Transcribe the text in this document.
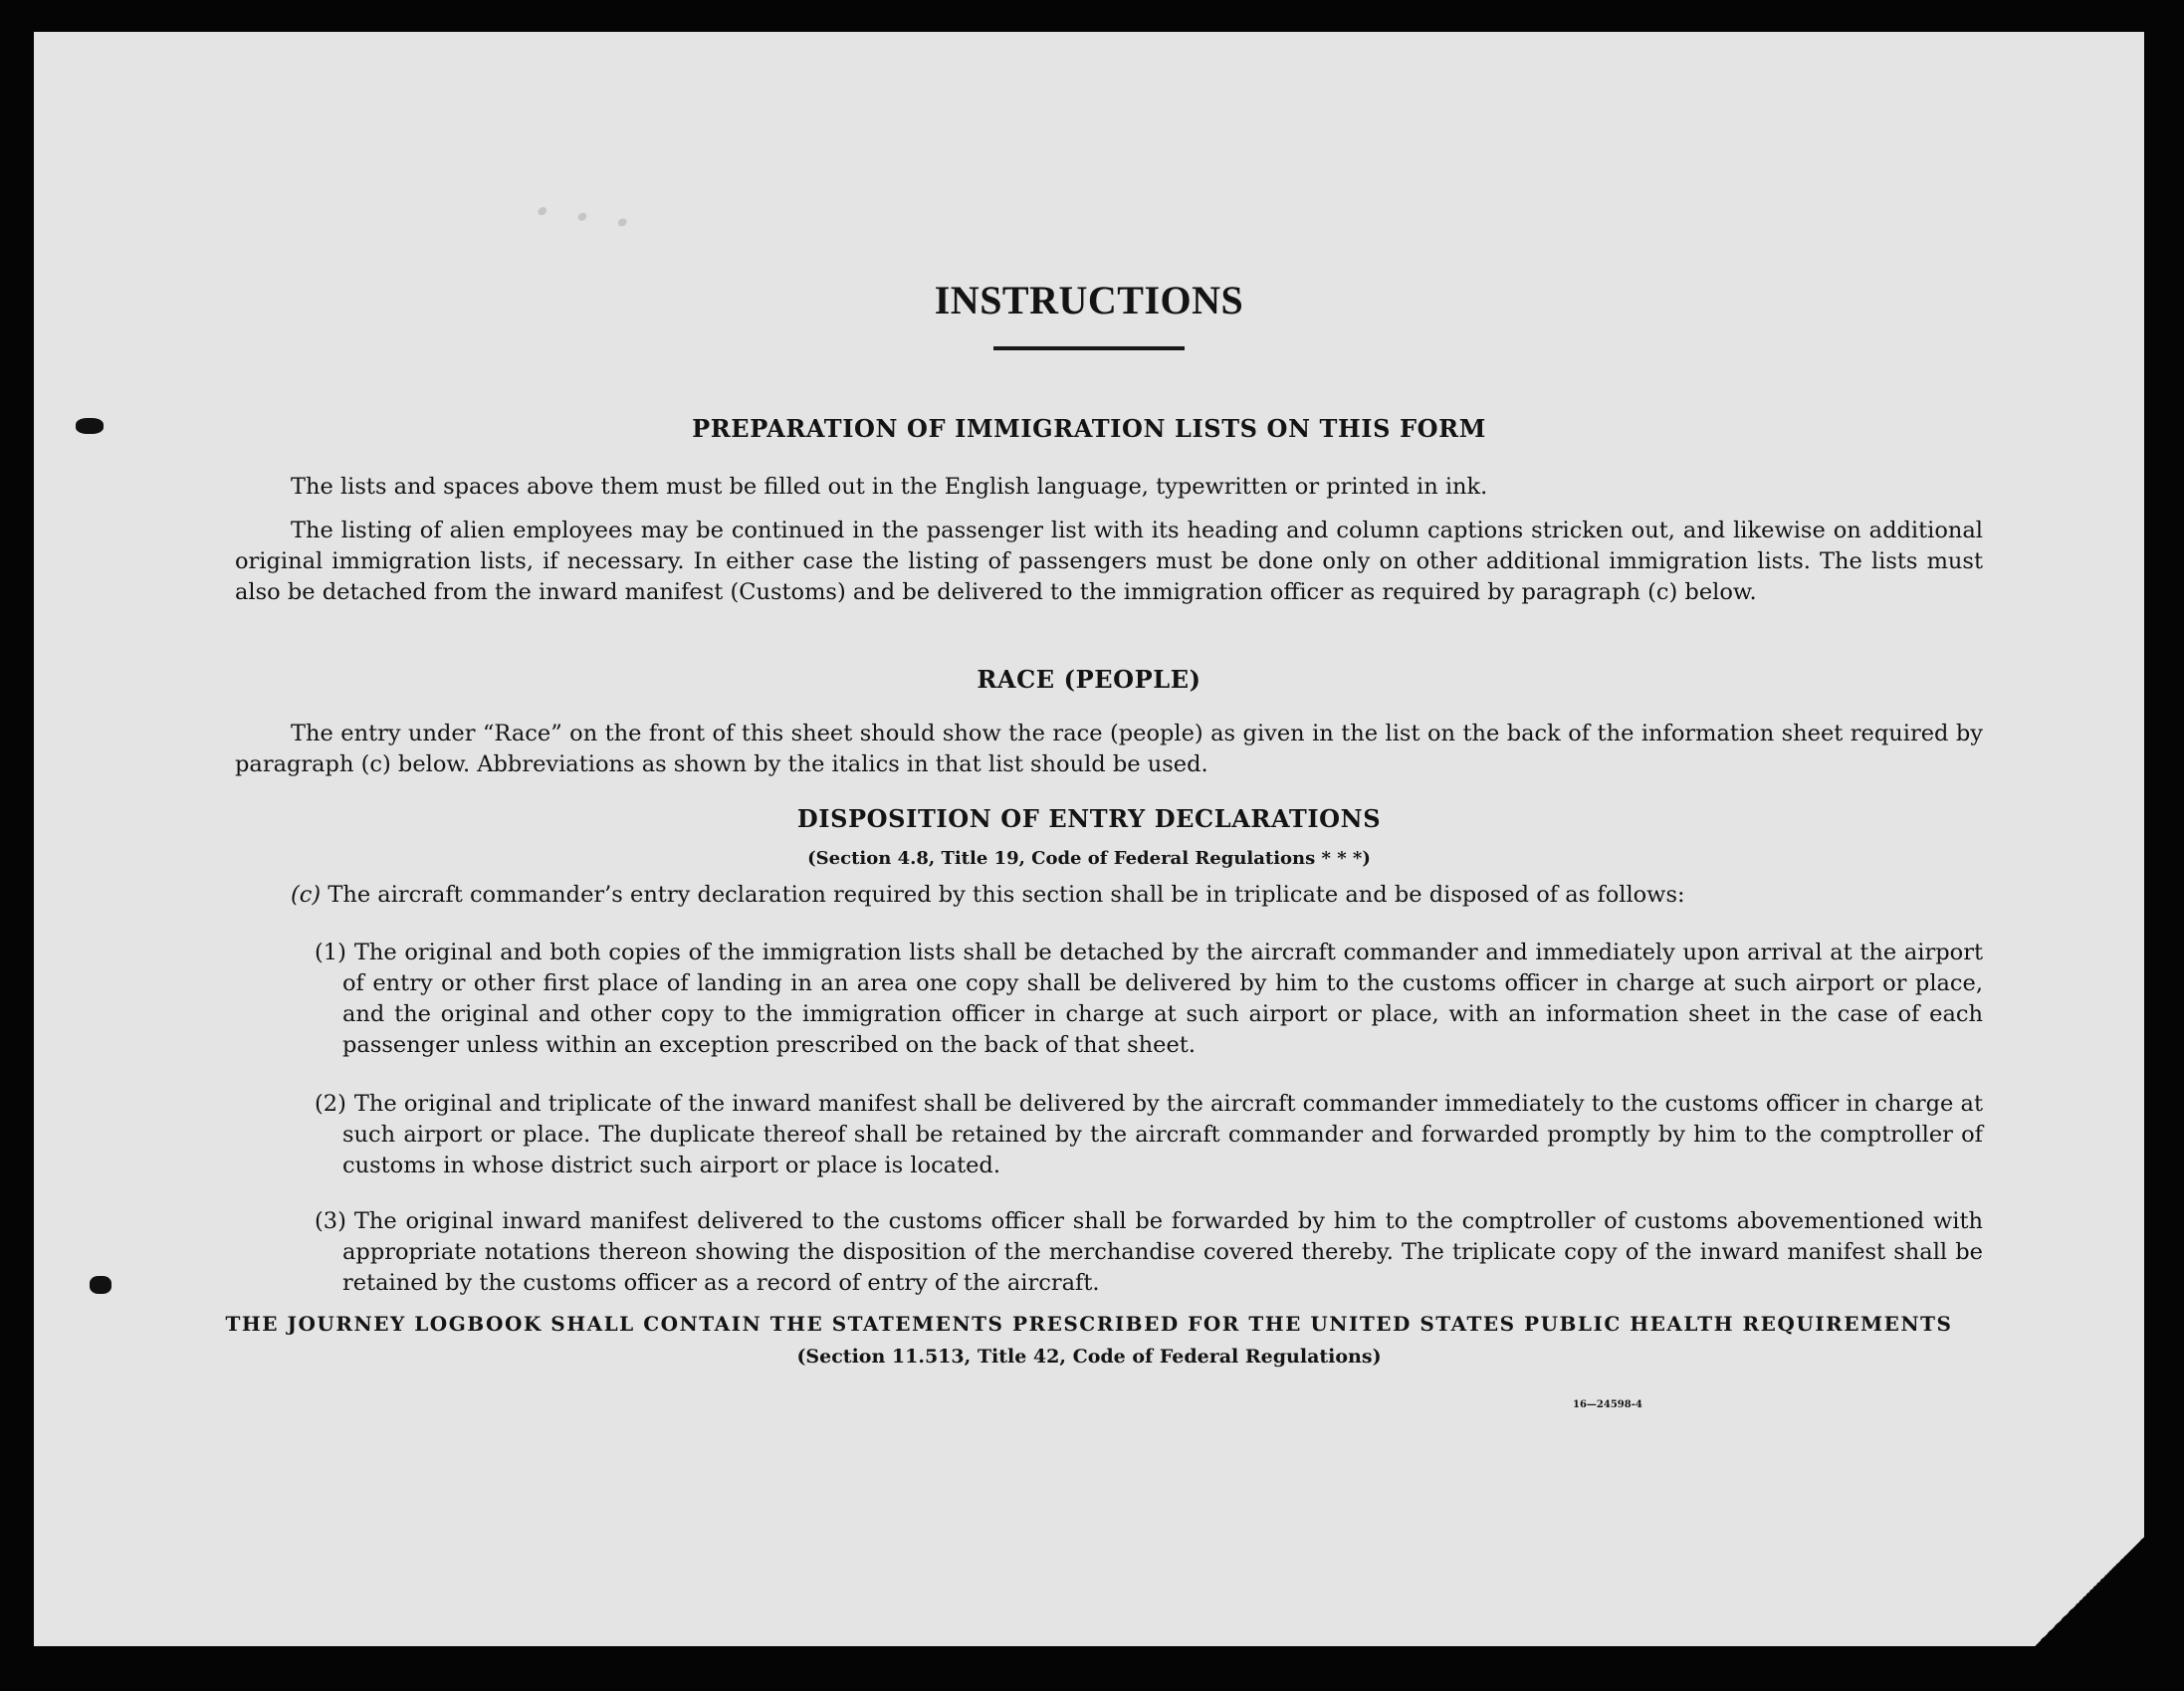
· · ·
INSTRUCTIONS
PREPARATION OF IMMIGRATION LISTS ON THIS FORM
The lists and spaces above them must be filled out in the English language, typewritten or printed in ink.
The listing of alien employees may be continued in the passenger list with its heading and column captions stricken out, and likewise on additional original immigration lists, if necessary. In either case the listing of passengers must be done only on other additional immigration lists. The lists must also be detached from the inward manifest (Customs) and be delivered to the immigration officer as required by paragraph (c) below.
RACE (PEOPLE)
The entry under “Race” on the front of this sheet should show the race (people) as given in the list on the back of the information sheet required by paragraph (c) below. Abbreviations as shown by the italics in that list should be used.
DISPOSITION OF ENTRY DECLARATIONS
(Section 4.8, Title 19, Code of Federal Regulations * * *)
(c) The aircraft commander’s entry declaration required by this section shall be in triplicate and be disposed of as follows:
(1) The original and both copies of the immigration lists shall be detached by the aircraft commander and immediately upon arrival at the airport of entry or other first place of landing in an area one copy shall be delivered by him to the customs officer in charge at such airport or place, and the original and other copy to the immigration officer in charge at such airport or place, with an information sheet in the case of each passenger unless within an exception prescribed on the back of that sheet.
(2) The original and triplicate of the inward manifest shall be delivered by the aircraft commander immediately to the customs officer in charge at such airport or place. The duplicate thereof shall be retained by the aircraft commander and forwarded promptly by him to the comptroller of customs in whose district such airport or place is located.
(3) The original inward manifest delivered to the customs officer shall be forwarded by him to the comptroller of customs abovementioned with appropriate notations thereon showing the disposition of the merchandise covered thereby. The triplicate copy of the inward manifest shall be retained by the customs officer as a record of entry of the aircraft.
THE JOURNEY LOGBOOK SHALL CONTAIN THE STATEMENTS PRESCRIBED FOR THE UNITED STATES PUBLIC HEALTH REQUIREMENTS
(Section 11.513, Title 42, Code of Federal Regulations)
16—24598-4
